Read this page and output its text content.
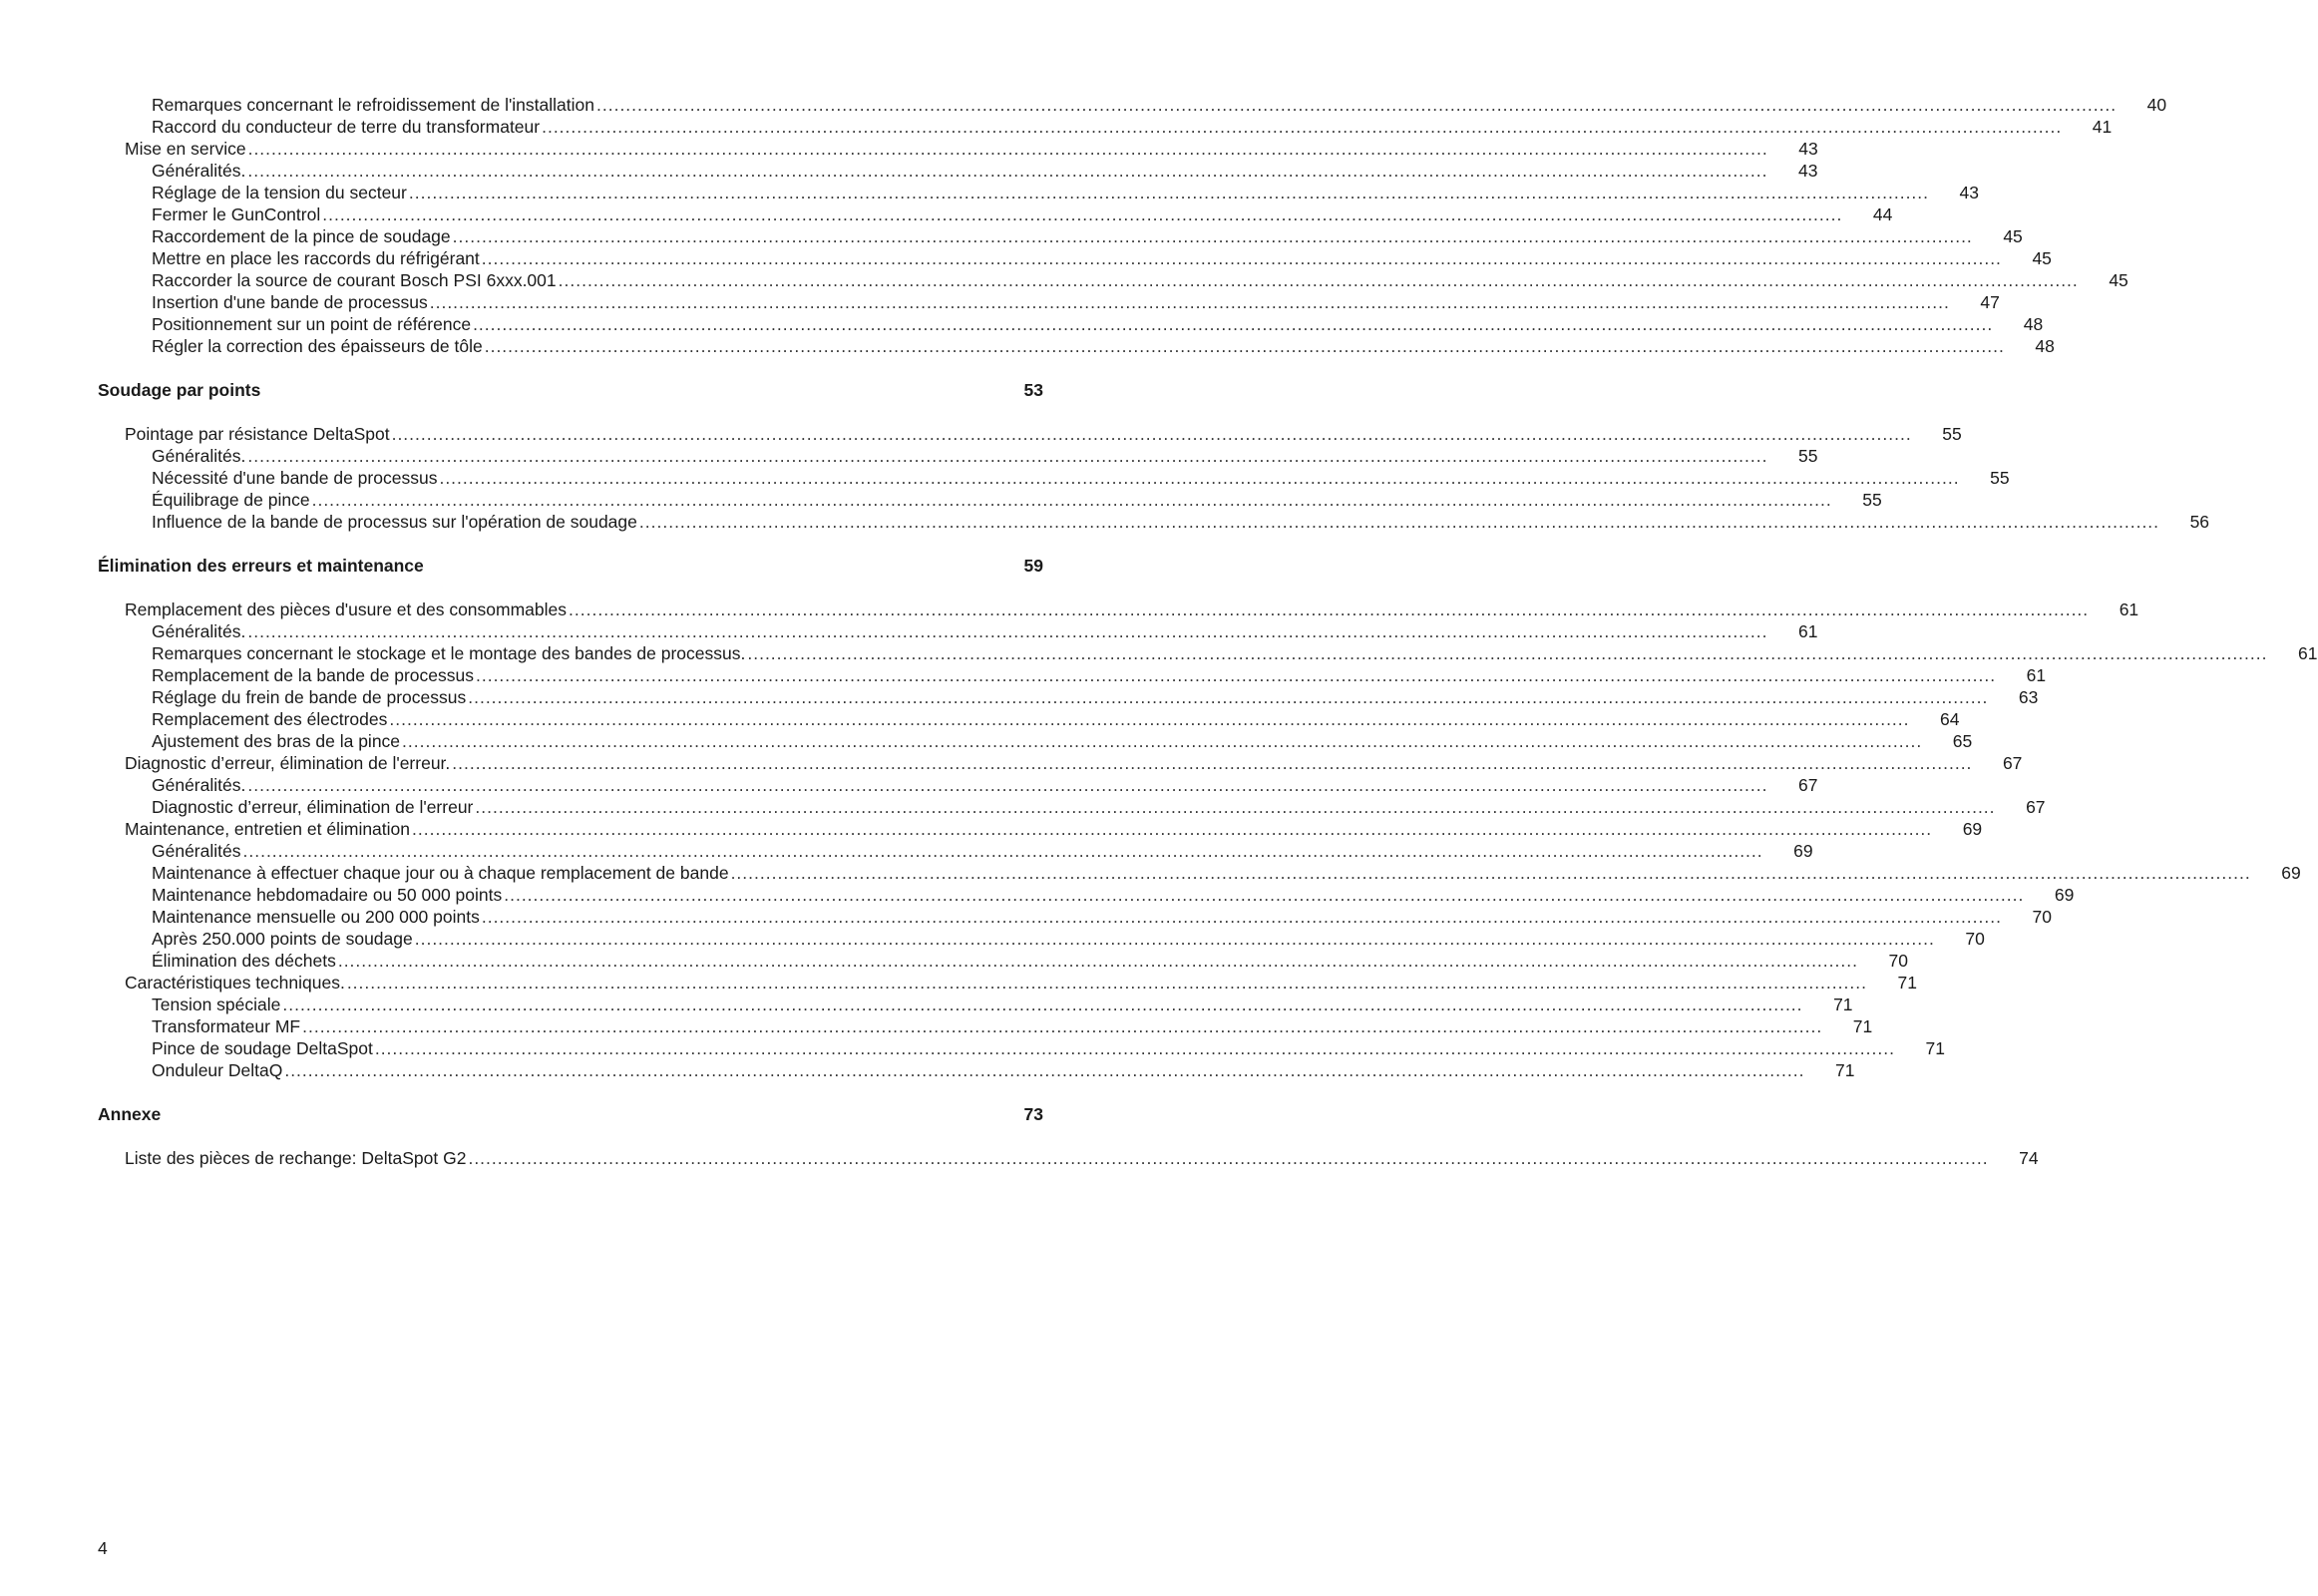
Remarques concernant le refroidissement de l'installation ....................................................................................................................................................................................................................................................................	40
Raccord du conducteur de terre du transformateur ....................................................................................................................................................................................................................................................................	41
Mise en service ....................................................................................................................................................................................................................................................................	43
Généralités. ....................................................................................................................................................................................................................................................................	43
Réglage de la tension du secteur ....................................................................................................................................................................................................................................................................	43
Fermer le GunControl ....................................................................................................................................................................................................................................................................	44
Raccordement de la pince de soudage ....................................................................................................................................................................................................................................................................	45
Mettre en place les raccords du réfrigérant ....................................................................................................................................................................................................................................................................	45
Raccorder la source de courant Bosch PSI 6xxx.001 ....................................................................................................................................................................................................................................................................	45
Insertion d'une bande de processus ....................................................................................................................................................................................................................................................................	47
Positionnement sur un point de référence ....................................................................................................................................................................................................................................................................	48
Régler la correction des épaisseurs de tôle ....................................................................................................................................................................................................................................................................	48
Soudage par points	53
Pointage par résistance DeltaSpot ....................................................................................................................................................................................................................................................................	55
Généralités. ....................................................................................................................................................................................................................................................................	55
Nécessité d'une bande de processus ....................................................................................................................................................................................................................................................................	55
Équilibrage de pince ....................................................................................................................................................................................................................................................................	55
Influence de la bande de processus sur l'opération de soudage ....................................................................................................................................................................................................................................................................	56
Élimination des erreurs et maintenance	59
Remplacement des pièces d'usure et des consommables ....................................................................................................................................................................................................................................................................	61
Généralités. ....................................................................................................................................................................................................................................................................	61
Remarques concernant le stockage et le montage des bandes de processus. ....................................................................................................................................................................................................................................................................	61
Remplacement de la bande de processus ....................................................................................................................................................................................................................................................................	61
Réglage du frein de bande de processus ....................................................................................................................................................................................................................................................................	63
Remplacement des électrodes ....................................................................................................................................................................................................................................................................	64
Ajustement des bras de la pince ....................................................................................................................................................................................................................................................................	65
Diagnostic d’erreur, élimination de l'erreur. ....................................................................................................................................................................................................................................................................	67
Généralités. ....................................................................................................................................................................................................................................................................	67
Diagnostic d’erreur, élimination de l'erreur ....................................................................................................................................................................................................................................................................	67
Maintenance, entretien et élimination ....................................................................................................................................................................................................................................................................	69
Généralités ....................................................................................................................................................................................................................................................................	69
Maintenance à effectuer chaque jour ou à chaque remplacement de bande ....................................................................................................................................................................................................................................................................	69
Maintenance hebdomadaire ou 50 000 points ....................................................................................................................................................................................................................................................................	69
Maintenance mensuelle ou 200 000 points ....................................................................................................................................................................................................................................................................	70
Après 250.000 points de soudage ....................................................................................................................................................................................................................................................................	70
Élimination des déchets ....................................................................................................................................................................................................................................................................	70
Caractéristiques techniques. ....................................................................................................................................................................................................................................................................	71
Tension spéciale ....................................................................................................................................................................................................................................................................	71
Transformateur MF ....................................................................................................................................................................................................................................................................	71
Pince de soudage DeltaSpot ....................................................................................................................................................................................................................................................................	71
Onduleur DeltaQ ....................................................................................................................................................................................................................................................................	71
Annexe	73
Liste des pièces de rechange: DeltaSpot G2 ....................................................................................................................................................................................................................................................................	74
4
